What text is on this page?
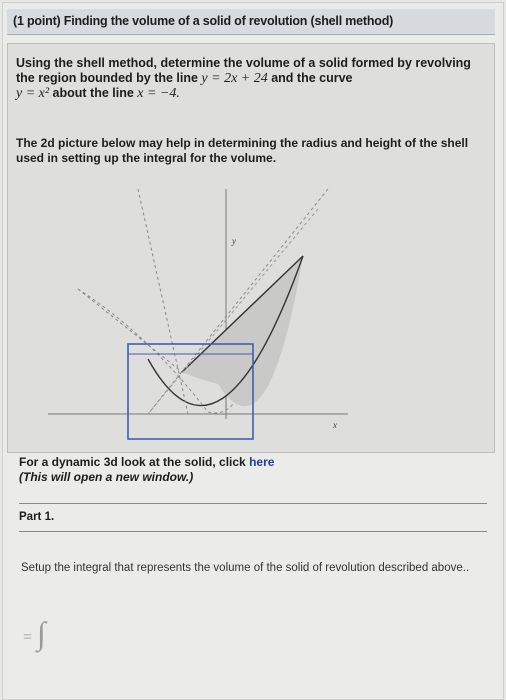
(1 point) Finding the volume of a solid of revolution (shell method)
Using the shell method, determine the volume of a solid formed by revolving the region bounded by the line y = 2x + 24 and the curve
y = x² about the line x = −4.
The 2d picture below may help in determining the radius and height of the shell used in setting up the integral for the volume.
y
x
For a dynamic 3d look at the solid, click here
(This will open a new window.)
Part 1.
Setup the integral that represents the volume of the solid of revolution described above..
= ∫
